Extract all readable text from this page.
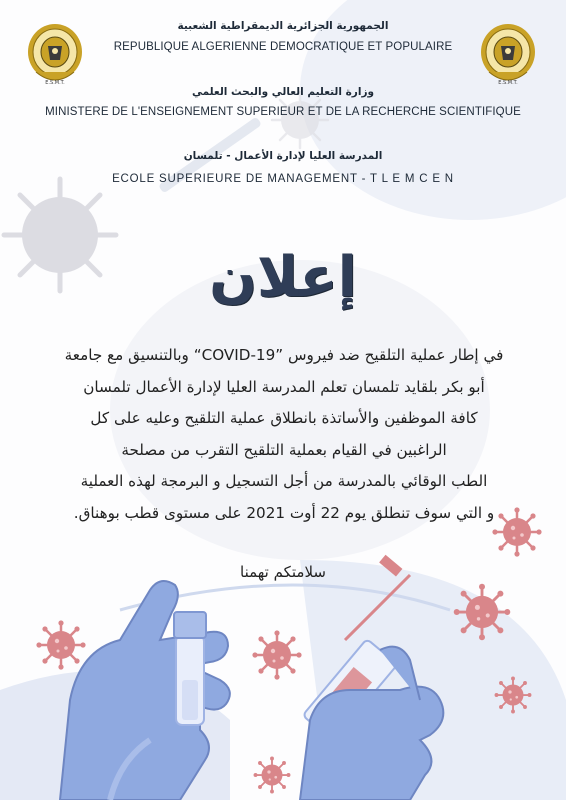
E.S.M.T.	E.S.M.T.
الجمهورية الجزائرية الديمقراطية الشعبية
REPUBLIQUE ALGERIENNE DEMOCRATIQUE ET POPULAIRE
وزارة التعليم العالي والبحث العلمي
MINISTERE DE L'ENSEIGNEMENT SUPERIEUR ET DE LA RECHERCHE SCIENTIFIQUE
المدرسة العليا لإدارة الأعمال - تلمسان
ECOLE SUPERIEURE DE MANAGEMENT - T L E M C E N
إعلان
في إطار عملية التلقيح ضد فيروس ”COVID-19“ وبالتنسيق مع جامعة
أبو بكر بلقايد تلمسان تعلم المدرسة العليا لإدارة الأعمال تلمسان
كافة الموظفين والأساتذة بانطلاق عملية التلقيح وعليه على كل
الراغبين في القيام بعملية التلقيح التقرب من مصلحة
الطب الوقائي بالمدرسة من أجل التسجيل و البرمجة لهذه العملية
و التي سوف تنطلق يوم 22 أوت 2021 على مستوى قطب بوهناق.
سلامتكم تهمنا
